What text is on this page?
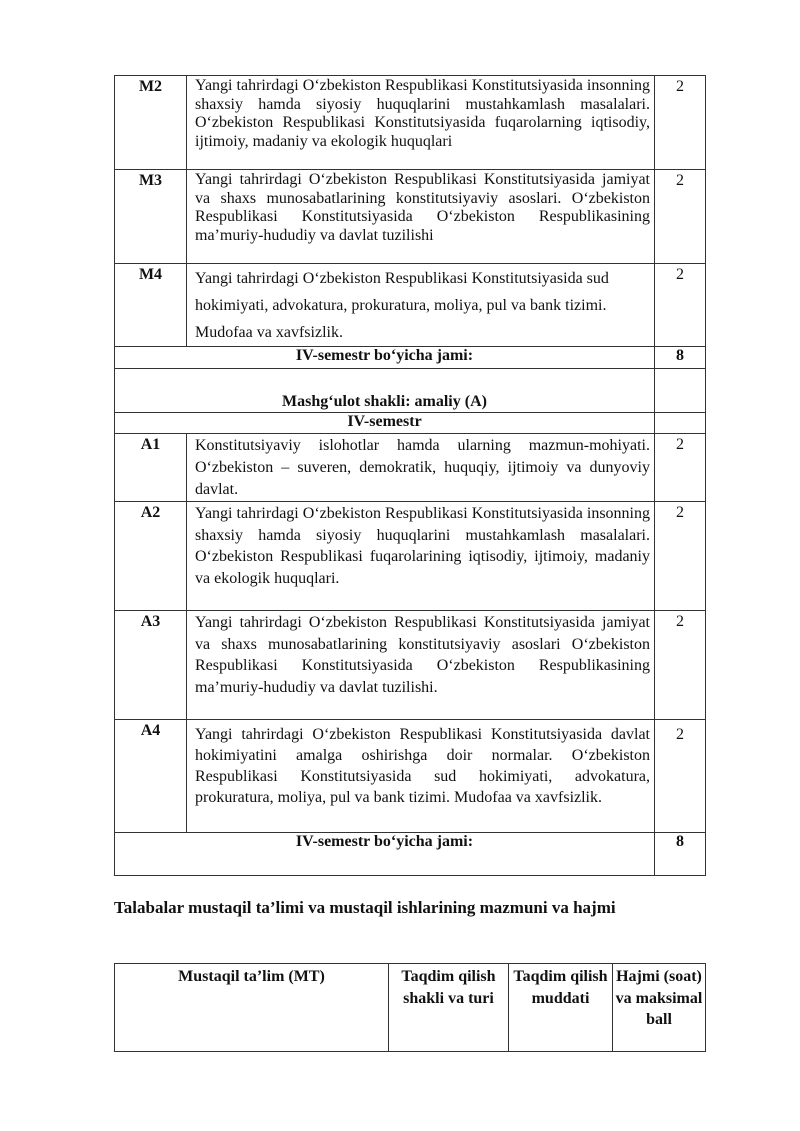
M2	Yangi tahrirdagi O‘zbekiston Respublikasi Konstitutsiyasida insonning shaxsiy hamda siyosiy huquqlarini mustahkamlash masalalari. O‘zbekiston Respublikasi Konstitutsiyasida fuqarolarning iqtisodiy, ijtimoiy, madaniy va ekologik huquqlari	2
M3	Yangi tahrirdagi O‘zbekiston Respublikasi Konstitutsiyasida jamiyat va shaxs munosabatlarining konstitutsiyaviy asoslari. O‘zbekiston Respublikasi Konstitutsiyasida O‘zbekiston Respublikasining ma’muriy-hududiy va davlat tuzilishi	2
M4	Yangi tahrirdagi O‘zbekiston Respublikasi Konstitutsiyasida sud hokimiyati, advokatura, prokuratura, moliya, pul va bank tizimi. Mudofaa va xavfsizlik.	2
IV-semestr bo‘yicha jami:		8
Mashg‘ulot shakli: amaliy (A)		
IV-semestr		
A1	Konstitutsiyaviy islohotlar hamda ularning mazmun-mohiyati. O‘zbekiston – suveren, demokratik, huquqiy, ijtimoiy va dunyoviy davlat.	2
A2	Yangi tahrirdagi O‘zbekiston Respublikasi Konstitutsiyasida insonning shaxsiy hamda siyosiy huquqlarini mustahkamlash masalalari. O‘zbekiston Respublikasi fuqarolarining iqtisodiy, ijtimoiy, madaniy va ekologik huquqlari.	2
A3	Yangi tahrirdagi O‘zbekiston Respublikasi Konstitutsiyasida jamiyat va shaxs munosabatlarining konstitutsiyaviy asoslari O‘zbekiston Respublikasi Konstitutsiyasida O‘zbekiston Respublikasining ma’muriy-hududiy va davlat tuzilishi.	2
A4	Yangi tahrirdagi O‘zbekiston Respublikasi Konstitutsiyasida davlat hokimiyatini amalga oshirishga doir normalar. O‘zbekiston Respublikasi Konstitutsiyasida sud hokimiyati, advokatura, prokuratura, moliya, pul va bank tizimi. Mudofaa va xavfsizlik.	2
IV-semestr bo‘yicha jami:		8
Talabalar mustaqil ta’limi va mustaqil ishlarining mazmuni va hajmi
Mustaqil ta’lim (MT)	Taqdim qilish shakli va turi	Taqdim qilish muddati	Hajmi (soat) va maksimal ball
